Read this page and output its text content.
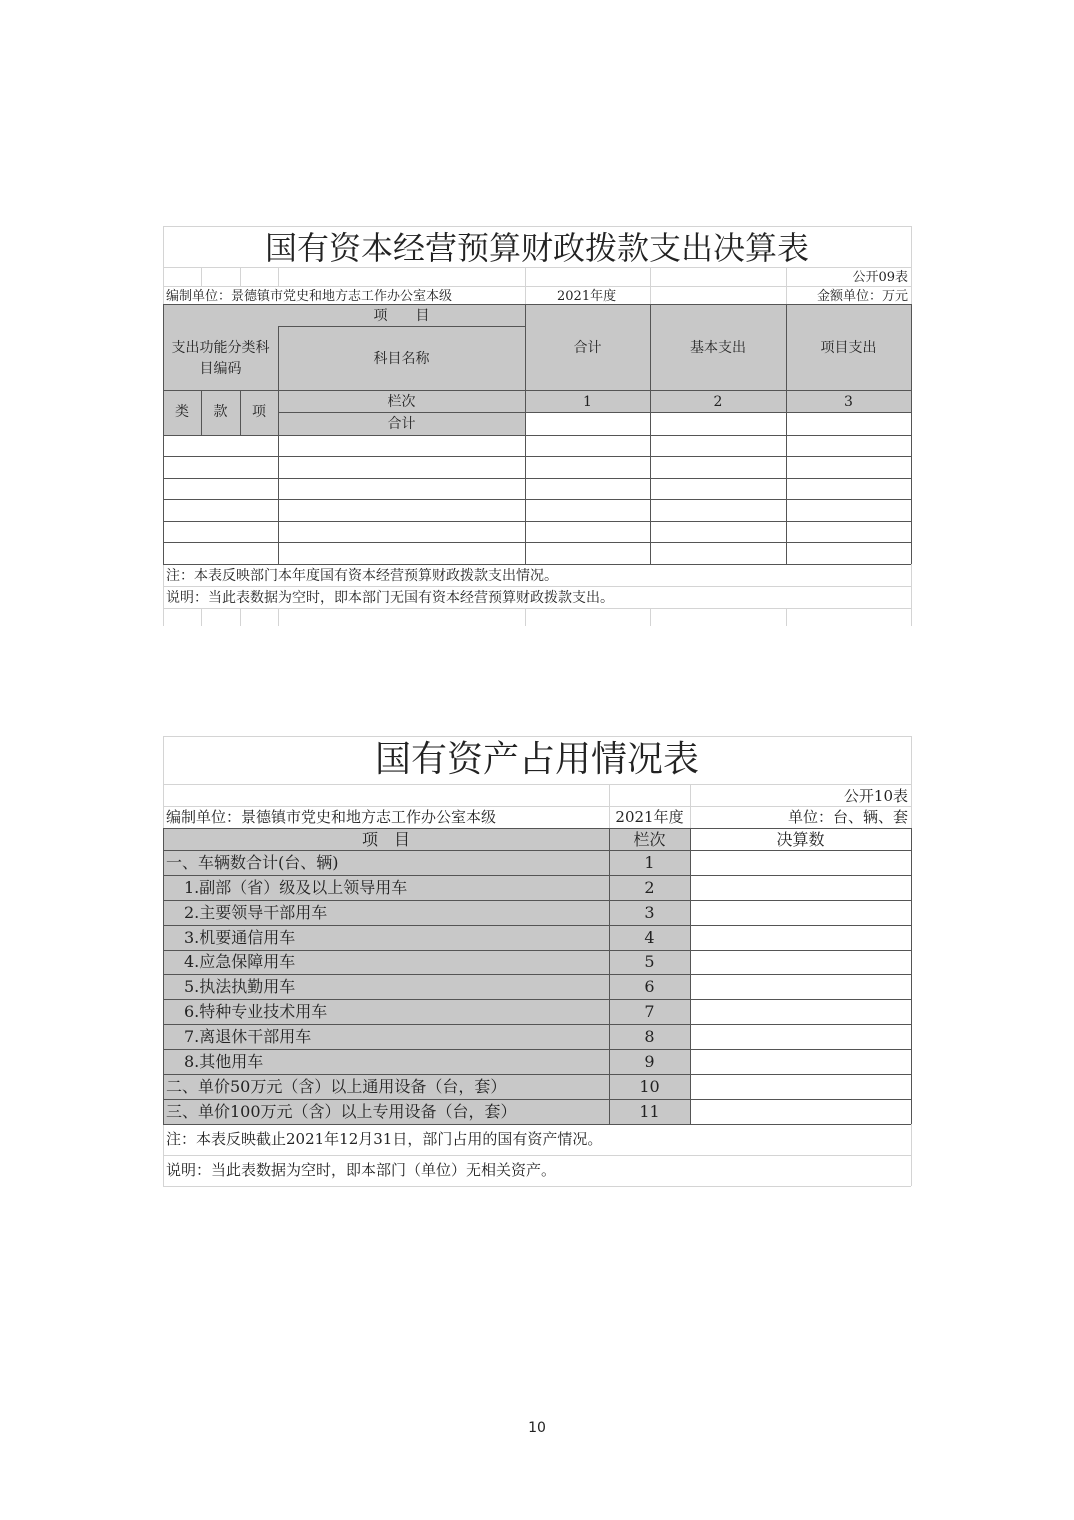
国有资本经营预算财政拨款支出决算表
公开09表
编制单位：景德镇市党史和地方志工作办公室本级	2021年度	金额单位：万元
项　　目
支出功能分类科
目编码
科目名称
合计	基本支出	项目支出
类	款	项
栏次	1	2	3
合计
注：本表反映部门本年度国有资本经营预算财政拨款支出情况。
说明：当此表数据为空时，即本部门无国有资本经营预算财政拨款支出。
国有资产占用情况表
公开10表
编制单位：景德镇市党史和地方志工作办公室本级	2021年度	单位：台、辆、套
项　目	栏次	决算数
一、车辆数合计(台、辆)	1
1.副部（省）级及以上领导用车	2
2.主要领导干部用车	3
3.机要通信用车	4
4.应急保障用车	5
5.执法执勤用车	6
6.特种专业技术用车	7
7.离退休干部用车	8
8.其他用车	9
二、单价50万元（含）以上通用设备（台，套）	10
三、单价100万元（含）以上专用设备（台，套）	11
注：本表反映截止2021年12月31日，部门占用的国有资产情况。
说明：当此表数据为空时，即本部门（单位）无相关资产。
10
